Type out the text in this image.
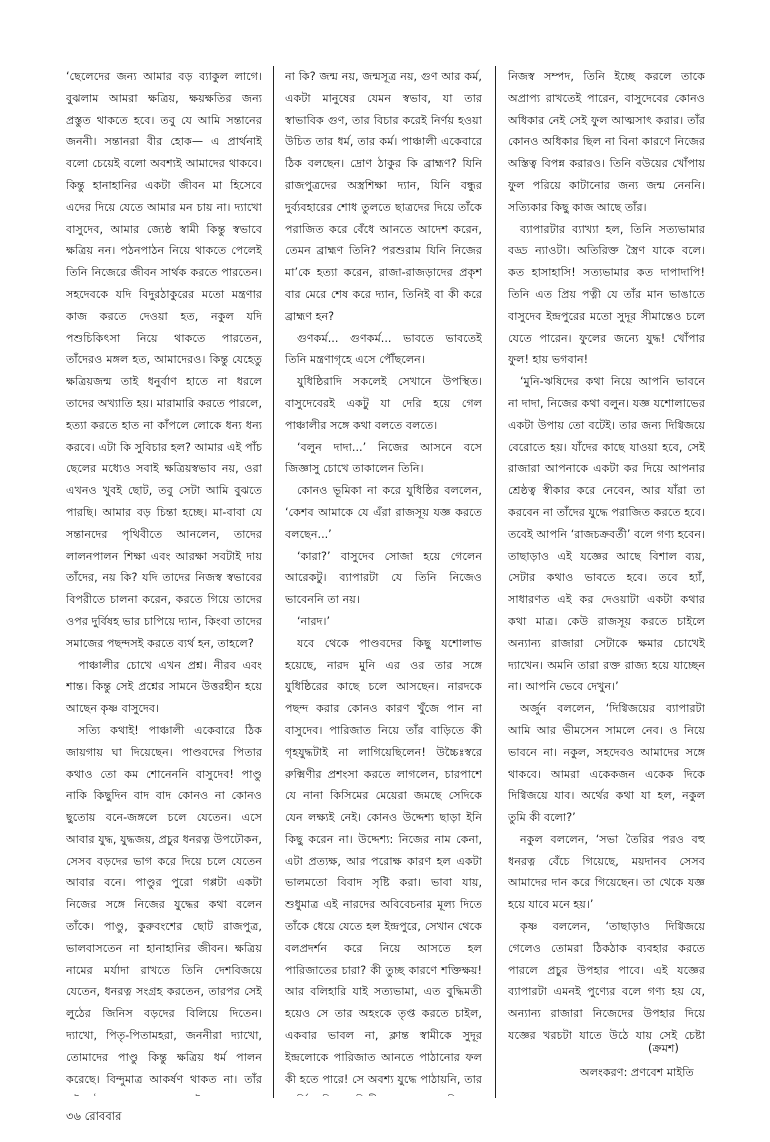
‘ছেলেদের জন্য আমার বড় ব্যাকুল লাগে। বুঝলাম আমরা ক্ষত্রিয়, ক্ষয়ক্ষতির জন্য প্রস্তুত থাকতে হবে। তবু যে আমি সন্তানের জননী। সন্তানরা বীর হোক— এ প্রার্থনাই বলো চেয়েই বলো অবশ্যই আমাদের থাকবে। কিন্তু হানাহানির একটা জীবন মা হিসেবে এদের দিয়ে যেতে আমার মন চায় না। দ্যাখো বাসুদেব, আমার জ্যেষ্ঠ স্বামী কিন্তু স্বভাবে ক্ষত্রিয় নন। পঠনপাঠন নিয়ে থাকতে পেলেই তিনি নিজেরে জীবন সার্থক করতে পারতেন। সহদেবকে যদি বিদুরঠাকুরের মতো মন্ত্রণার কাজ করতে দেওয়া হত, নকুল যদি পশুচিকিৎসা নিয়ে থাকতে পারতেন, তাঁদেরও মঙ্গল হত, আমাদেরও। কিন্তু যেহেতু ক্ষত্রিয়জন্ম তাই ধনুর্বাণ হাতে না ধরলে তাদের অখ্যাতি হয়। মারামারি করতে পারলে, হত্যা করতে হাত না কাঁপলে লোকে ধন্য ধন্য করবে। এটা কি সুবিচার হল? আমার এই পাঁচ ছেলের মধ্যেও সবাই ক্ষত্রিয়স্বভাব নয়, ওরা এখনও খুবই ছোট, তবু সেটা আমি বুঝতে পারছি। আমার বড় চিন্তা হচ্ছে। মা-বাবা যে সন্তানদের পৃথিবীতে আনলেন, তাদের লালনপালন শিক্ষা এবং আরক্ষা সবটাই দায় তাঁদের, নয় কি? যদি তাদের নিজস্ব স্বভাবের বিপরীতে চালনা করেন, করতে গিয়ে তাদের ওপর দুর্বিষহ ভার চাপিয়ে দ্যান, কিংবা তাদের সমাজের পছন্দসই করতে ব্যর্থ হন, তাহলে?

পাঞ্চালীর চোখে এখন প্রশ্ন। নীরব এবং শান্ত। কিন্তু সেই প্রশ্নের সামনে উত্তরহীন হয়ে আছেন কৃষ্ণ বাসুদেব।

সত্যি কথাই! পাঞ্চালী একেবারে ঠিক জায়গায় ঘা দিয়েছেন। পাণ্ডবদের পিতার কথাও তো কম শোনেননি বাসুদেব! পাণ্ডু নাকি কিছুদিন বাদ বাদ কোনও না কোনও ছুতোয় বনে-জঙ্গলে চলে যেতেন। এসে আবার যুদ্ধ, যুদ্ধজয়, প্রচুর ধনরত্ন উপঢৌকন, সেসব বড়দের ভাগ করে দিয়ে চলে যেতেন আবার বনে। পাণ্ডুর পুরো গপ্পটা একটা নিজের সঙ্গে নিজের যুদ্ধের কথা বলেন তাঁকে। পাণ্ডু, কুরুবংশের ছোট রাজপুত্র, ভালবাসতেন না হানাহানির জীবন। ক্ষত্রিয় নামের মর্যাদা রাখতে তিনি দেশবিজয়ে যেতেন, ধনরত্ন সংগ্রহ করতেন, তারপর সেই লুঠের জিনিস বড়দের বিলিয়ে দিতেন। দ্যাখো, পিতৃ-পিতামহরা, জননীরা দ্যাখো, তোমাদের পাণ্ডু কিন্তু ক্ষত্রিয় ধর্ম পালন করেছে। বিন্দুমাত্র আকর্ষণ থাকত না। তাঁর

না কি? জন্ম নয়, জন্মসূত্র নয়, গুণ আর কর্ম, একটা মানুষের যেমন স্বভাব, যা তার স্বাভাবিক গুণ, তার বিচার করেই নির্ণয় হওয়া উচিত তার ধর্ম, তার কর্ম। পাঞ্চালী একেবারে ঠিক বলছেন। দ্রোণ ঠাকুর কি ব্রাহ্মণ? যিনি রাজপুত্রদের অস্ত্রশিক্ষা দ্যান, যিনি বন্ধুর দুর্ব্যবহারের শোধ তুলতে ছাত্রদের দিয়ে তাঁকে পরাজিত করে বেঁধে আনতে আদেশ করেন, তেমন ব্রাহ্মণ তিনি? পরশুরাম যিনি নিজের মা’কে হত্যা করেন, রাজা-রাজড়াদের প্রকৃশ বার মেরে শেষ করে দ্যান, তিনিই বা কী করে ব্রাহ্মণ হন?

গুণকর্ম... গুণকর্ম... ভাবতে ভাবতেই তিনি মন্ত্রণাগৃহে এসে পৌঁছলেন।

যুধিষ্ঠিরাদি সকলেই সেখানে উপস্থিত। বাসুদেবেরই একটু যা দেরি হয়ে গেল পাঞ্চালীর সঙ্গে কথা বলতে বলতে।

‘বলুন দাদা...’ নিজের আসনে বসে জিজ্ঞাসু চোখে তাকালেন তিনি।

কোনও ভূমিকা না করে যুধিষ্ঠির বললেন, ‘কেশব আমাকে যে এঁরা রাজসূয় যজ্ঞ করতে বলছেন...’

‘কারা?’ বাসুদেব সোজা হয়ে গেলেন আরেকটু। ব্যাপারটা যে তিনি নিজেও ভাবেননি তা নয়।

‘নারদ।’

যবে থেকে পাণ্ডবদের কিছু যশোলাভ হয়েছে, নারদ মুনি এর ওর তার সঙ্গে যুধিষ্ঠিরের কাছে চলে আসছেন। নারদকে পছন্দ করার কোনও কারণ খুঁজে পান না বাসুদেব। পারিজাত নিয়ে তাঁর বাড়িতে কী গৃহযুদ্ধটাই না লাগিয়েছিলেন! উচ্চৈঃস্বরে রুক্মিণীর প্রশংসা করতে লাগলেন, চারপাশে যে নানা কিসিমের মেয়েরা জমছে সেদিকে যেন লক্ষ্যই নেই। কোনও উদ্দেশ্য ছাড়া ইনি কিছু করেন না। উদ্দেশ্য: নিজের নাম কেনা, এটা প্রত্যক্ষ, আর পরোক্ষ কারণ হল একটা ভালমতো বিবাদ সৃষ্টি করা। ভাবা যায়, শুধুমাত্র এই নারদের অবিবেচনার মূল্য দিতে তাঁকে ধেয়ে যেতে হল ইন্দ্রপুরে, সেখান থেকে বলপ্রদর্শন করে নিয়ে আসতে হল পারিজাতের চারা? কী তুচ্ছ কারণে শক্তিক্ষয়! আর বলিহারি যাই সত্যভামা, এত বুদ্ধিমতী হয়েও সে তার অহংকে তৃপ্ত করতে চাইল, একবার ভাবল না, ক্লান্ত স্বামীকে সুদূর ইন্দ্রলোকে পারিজাত আনতে পাঠানোর ফল কী হতে পারে! সে অবশ্য যুদ্ধে পাঠায়নি, তার

নিজস্ব সম্পদ, তিনি ইচ্ছে করলে তাকে অপ্রাপ্য রাখতেই পারেন, বাসুদেবের কোনও অধিকার নেই সেই ফুল আত্মসাৎ করার। তাঁর কোনও অধিকার ছিল না বিনা কারণে নিজের অস্তিত্ব বিপন্ন করারও। তিনি বউয়ের খোঁপায় ফুল পরিয়ে কাটানোর জন্য জন্ম নেননি। সত্যিকার কিছু কাজ আছে তাঁর।

ব্যাপারটার ব্যাখ্যা হল, তিনি সত্যভামার বড্ড ন্যাওটা। অতিরিক্ত স্ত্রৈণ যাকে বলে। কত হাসাহাসি! সত্যভামার কত দাপাদাপি! তিনি এত প্রিয় পত্নী যে তাঁর মান ভাঙাতে বাসুদেব ইন্দ্রপুরের মতো সুদূর সীমান্তেও চলে যেতে পারেন। ফুলের জন্যে যুদ্ধ! খোঁপার ফুল! হায় ভগবান!

‘মুনি-ঋষিদের কথা নিয়ে আপনি ভাবনে না দাদা, নিজের কথা বলুন। যজ্ঞ যশোলাভের একটা উপায় তো বটেই। তার জন্য দিগ্বিজয়ে বেরোতে হয়। যাঁদের কাছে যাওয়া হবে, সেই রাজারা আপনাকে একটা কর দিয়ে আপনার শ্রেষ্ঠত্ব স্বীকার করে নেবেন, আর যাঁরা তা করবেন না তাঁদের যুদ্ধে পরাজিত করতে হবে। তবেই আপনি ‘রাজচক্রবর্তী’ বলে গণ্য হবেন। তাছাড়াও এই যজ্ঞের আছে বিশাল ব্যয়, সেটার কথাও ভাবতে হবে। তবে হ্যাঁ, সাধারণত এই কর দেওয়াটা একটা কথার কথা মাত্র। কেউ রাজসূয় করতে চাইলে অন্যান্য রাজারা সেটাকে ক্ষমার চোখেই দ্যাখেন। অমনি তারা রক্ত রাজ্য হয়ে যাচ্ছেন না। আপনি ভেবে দেখুন।’

অর্জুন বললেন, ‘দিগ্বিজয়ের ব্যাপারটা আমি আর ভীমসেন সামলে নেব। ও নিয়ে ভাবনে না। নকুল, সহদেবও আমাদের সঙ্গে থাকবে। আমরা একেকজন একেক দিকে দিগ্বিজয়ে যাব। অর্থের কথা যা হল, নকুল তুমি কী বলো?’

নকুল বললেন, ‘সভা তৈরির পরও বহু ধনরত্ন বেঁচে গিয়েছে, ময়দানব সেসব আমাদের দান করে গিয়েছেন। তা থেকে যজ্ঞ হয়ে যাবে মনে হয়।’

কৃষ্ণ বললেন, ‘তাছাড়াও দিগ্বিজয়ে গেলেও তোমরা ঠিকঠাক ব্যবহার করতে পারলে প্রচুর উপহার পাবে। এই যজ্ঞের ব্যাপারটা এমনই পুণ্যের বলে গণ্য হয় যে, অন্যান্য রাজারা নিজেদের উপহার দিয়ে যজ্ঞের খরচটা যাতে উঠে যায় সেই চেষ্টা

(ক্রমশ)
অলংকরণ: প্রণবেশ মাইতি
৩৬ রোববার
